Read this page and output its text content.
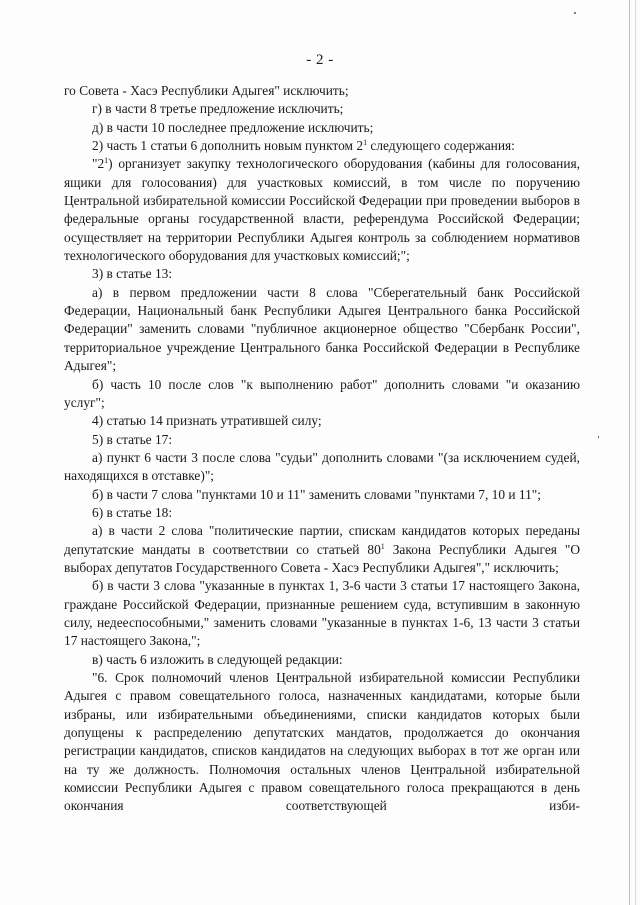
- 2 -

го Совета - Хасэ Республики Адыгея" исключить;

г) в части 8 третье предложение исключить;

д) в части 10 последнее предложение исключить;

2) часть 1 статьи 6 дополнить новым пунктом $2^1$ следующего содержания:

"$2^1$) организует закупку технологического оборудования (кабины для голосования, ящики для голосования) для участковых комиссий, в том числе по поручению Центральной избирательной комиссии Российской Федерации при проведении выборов в федеральные органы государственной власти, референдума Российской Федерации; осуществляет на территории Республики Адыгея контроль за соблюдением нормативов технологического оборудования для участковых комиссий;";

3) в статье 13:

а) в первом предложении части 8 слова "Сберегательный банк Российской Федерации, Национальный банк Республики Адыгея Центрального банка Российской Федерации" заменить словами "публичное акционерное общество "Сбербанк России", территориальное учреждение Центрального банка Российской Федерации в Республике Адыгея";

б) часть 10 после слов "к выполнению работ" дополнить словами "и оказанию услуг";

4) статью 14 признать утратившей силу;

5) в статье 17:

а) пункт 6 части 3 после слова "судьи" дополнить словами "(за исключением судей, находящихся в отставке)";

б) в части 7 слова "пунктами 10 и 11" заменить словами "пунктами 7, 10 и 11";

6) в статье 18:

а) в части 2 слова "политические партии, спискам кандидатов которых переданы депутатские мандаты в соответствии со статьей $80^1$ Закона Республики Адыгея "О выборах депутатов Государственного Совета - Хасэ Республики Адыгея"," исключить;

б) в части 3 слова "указанные в пунктах 1, 3-6 части 3 статьи 17 настоящего Закона, граждане Российской Федерации, признанные решением суда, вступившим в законную силу, недееспособными," заменить словами "указанные в пунктах 1-6, 13 части 3 статьи 17 настоящего Закона,";

в) часть 6 изложить в следующей редакции:

"6. Срок полномочий членов Центральной избирательной комиссии Республики Адыгея с правом совещательного голоса, назначенных кандидатами, которые были избраны, или избирательными объединениями, списки кандидатов которых были допущены к распределению депутатских мандатов, продолжается до окончания регистрации кандидатов, списков кандидатов на следующих выборах в тот же орган или на ту же должность. Полномочия остальных членов Центральной избирательной комиссии Республики Адыгея с правом совещательного голоса прекращаются в день окончания соответствующей изби-
